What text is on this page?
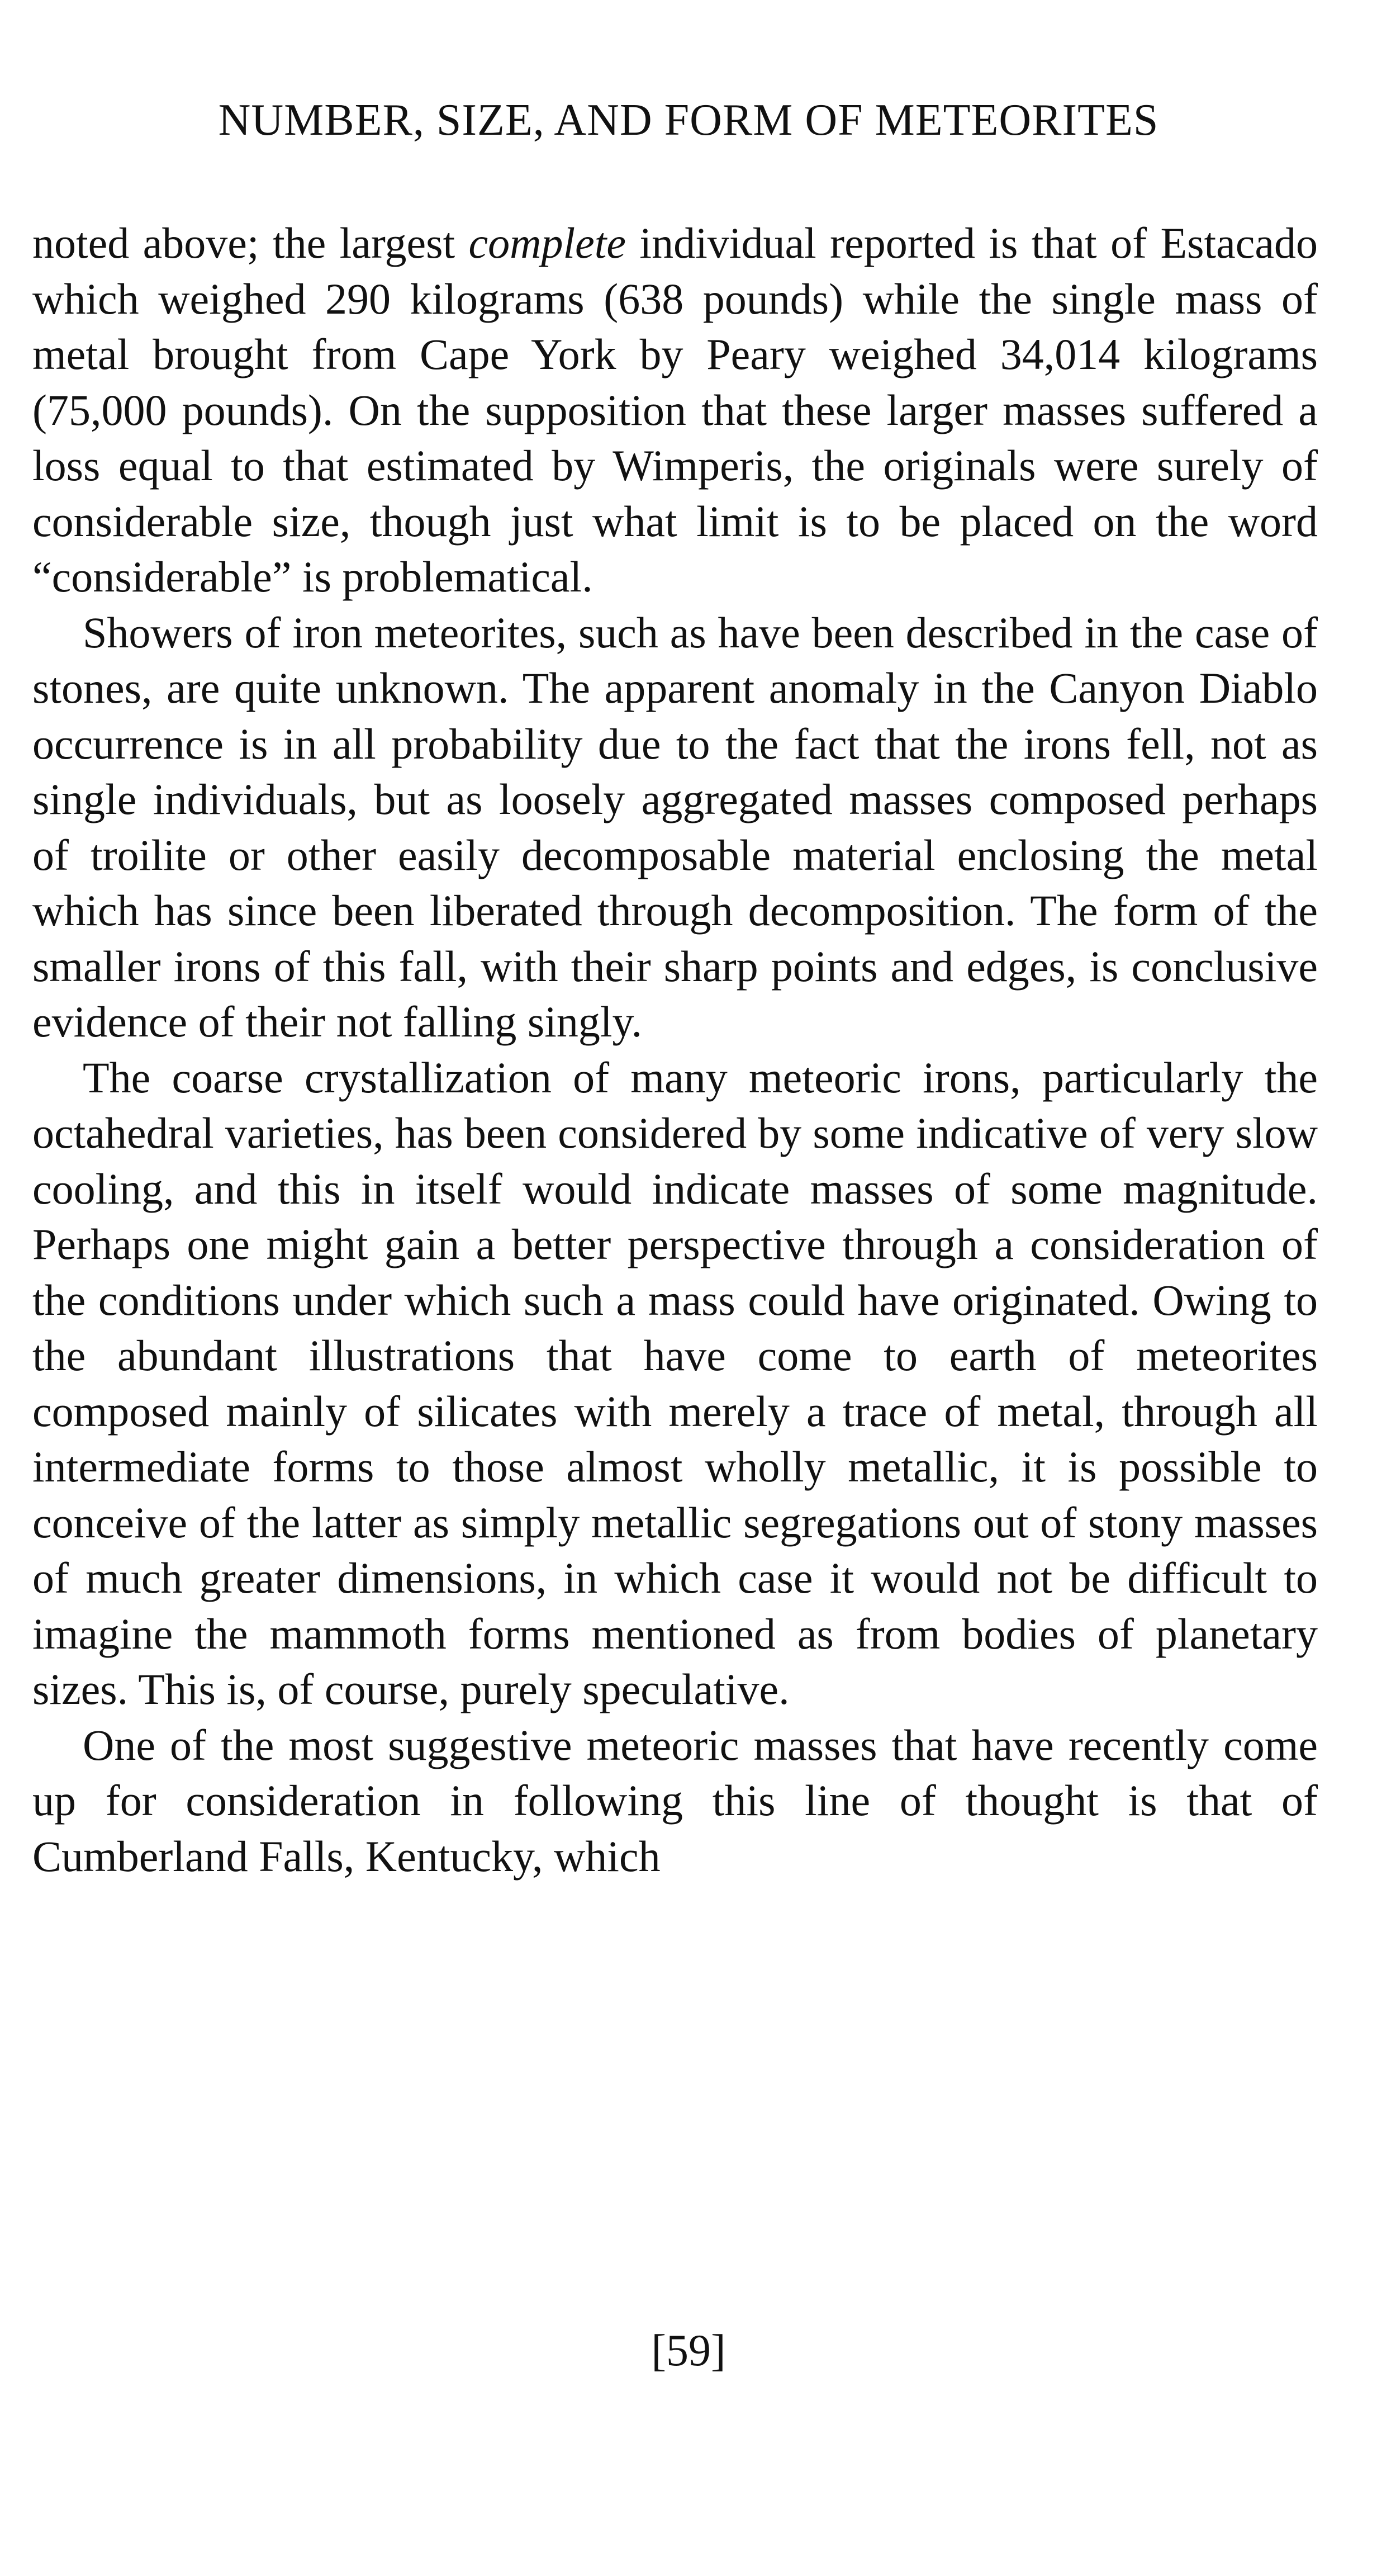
NUMBER, SIZE, AND FORM OF METEORITES

noted above; the largest complete individual reported is that of Estacado which weighed 290 kilograms (638 pounds) while the single mass of metal brought from Cape York by Peary weighed 34,014 kilograms (75,000 pounds). On the supposition that these larger masses suffered a loss equal to that estimated by Wimperis, the originals were surely of considerable size, though just what limit is to be placed on the word “considerable” is problematical.

Showers of iron meteorites, such as have been described in the case of stones, are quite unknown. The apparent anomaly in the Canyon Diablo occurrence is in all probability due to the fact that the irons fell, not as single individuals, but as loosely aggregated masses composed perhaps of troilite or other easily decomposable material enclosing the metal which has since been liberated through decomposition. The form of the smaller irons of this fall, with their sharp points and edges, is conclusive evidence of their not falling singly.

The coarse crystallization of many meteoric irons, particularly the octahedral varieties, has been considered by some indicative of very slow cooling, and this in itself would indicate masses of some magnitude. Perhaps one might gain a better perspective through a consideration of the conditions under which such a mass could have originated. Owing to the abundant illustrations that have come to earth of meteorites composed mainly of silicates with merely a trace of metal, through all intermediate forms to those almost wholly metallic, it is possible to conceive of the latter as simply metallic segregations out of stony masses of much greater dimensions, in which case it would not be difficult to imagine the mammoth forms mentioned as from bodies of planetary sizes. This is, of course, purely speculative.

One of the most suggestive meteoric masses that have recently come up for consideration in following this line of thought is that of Cumberland Falls, Kentucky, which

[59]
